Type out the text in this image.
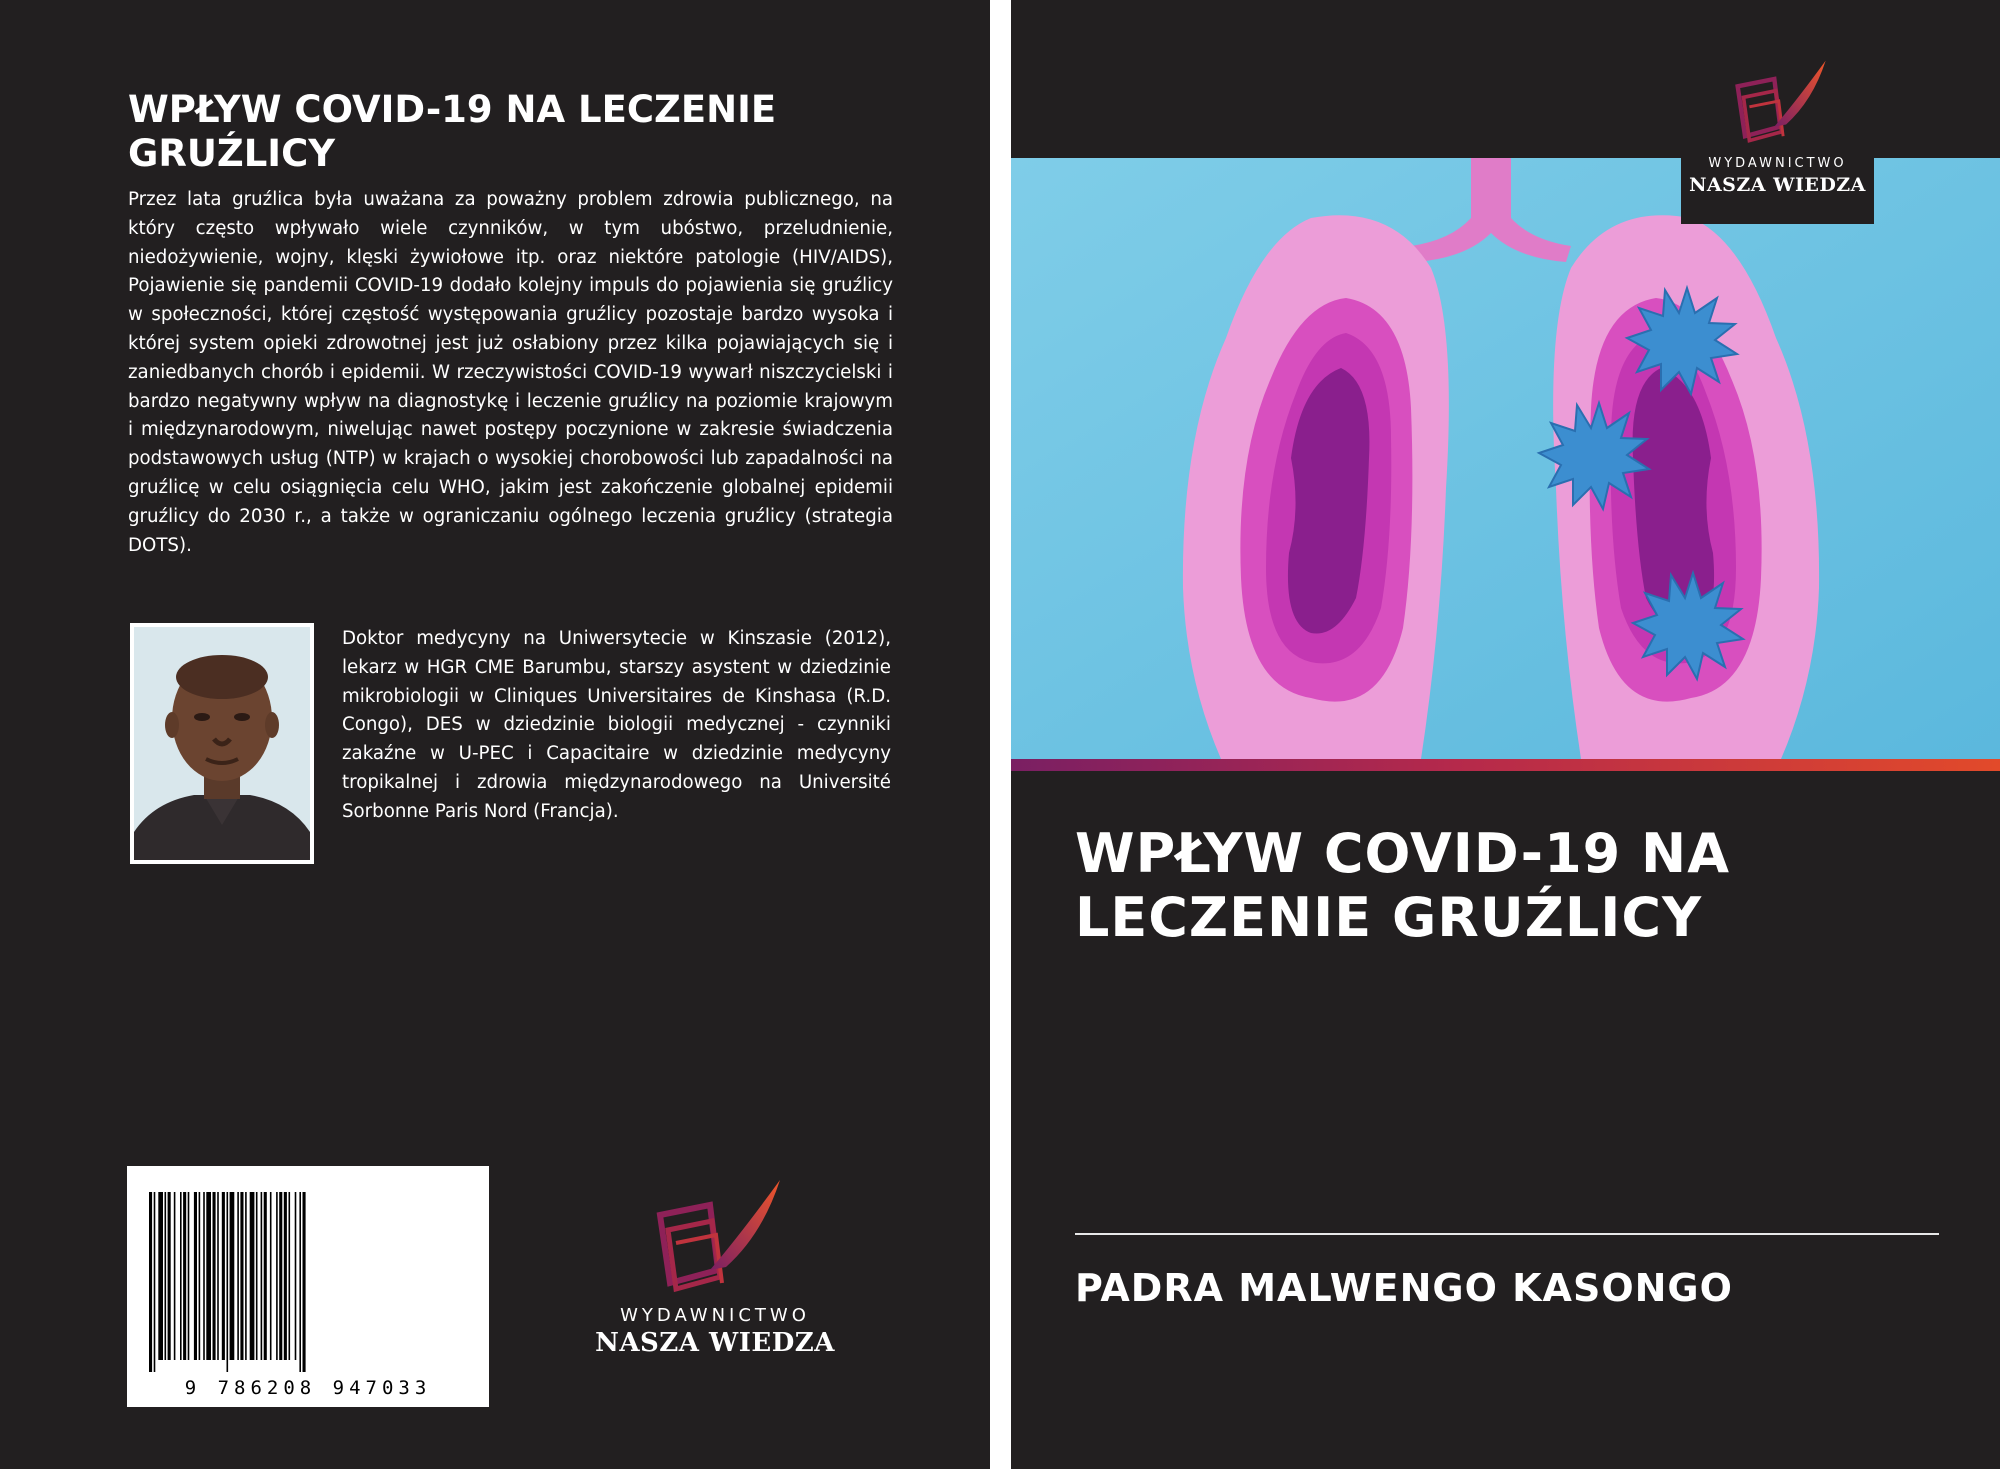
WPŁYW COVID-19 NA LECZENIE GRUŹLICY

Przez lata gruźlica była uważana za poważny problem zdrowia publicznego, na który często wpływało wiele czynników, w tym ubóstwo, przeludnienie, niedożywienie, wojny, klęski żywiołowe itp. oraz niektóre patologie (HIV/AIDS), Pojawienie się pandemii COVID-19 dodało kolejny impuls do pojawienia się gruźlicy w społeczności, której częstość występowania gruźlicy pozostaje bardzo wysoka i której system opieki zdrowotnej jest już osłabiony przez kilka pojawiających się i zaniedbanych chorób i epidemii. W rzeczywistości COVID-19 wywarł niszczycielski i bardzo negatywny wpływ na diagnostykę i leczenie gruźlicy na poziomie krajowym i międzynarodowym, niwelując nawet postępy poczynione w zakresie świadczenia podstawowych usług (NTP) w krajach o wysokiej chorobowości lub zapadalności na gruźlicę w celu osiągnięcia celu WHO, jakim jest zakończenie globalnej epidemii gruźlicy do 2030 r., a także w ograniczaniu ogólnego leczenia gruźlicy (strategia DOTS).

Doktor medycyny na Uniwersytecie w Kinszasie (2012), lekarz w HGR CME Barumbu, starszy asystent w dziedzinie mikrobiologii w Cliniques Universitaires de Kinshasa (R.D. Congo), DES w dziedzinie biologii medycznej - czynniki zakaźne w U-PEC i Capacitaire w dziedzinie medycyny tropikalnej i zdrowia międzynarodowego na Université Sorbonne Paris Nord (Francja).

9 786208 947033
WYDAWNICTWO
NASZA WIEDZA
WYDAWNICTWO
NASZA WIEDZA
WPŁYW COVID-19 NA LECZENIE GRUŹLICY
PADRA MALWENGO KASONGO
